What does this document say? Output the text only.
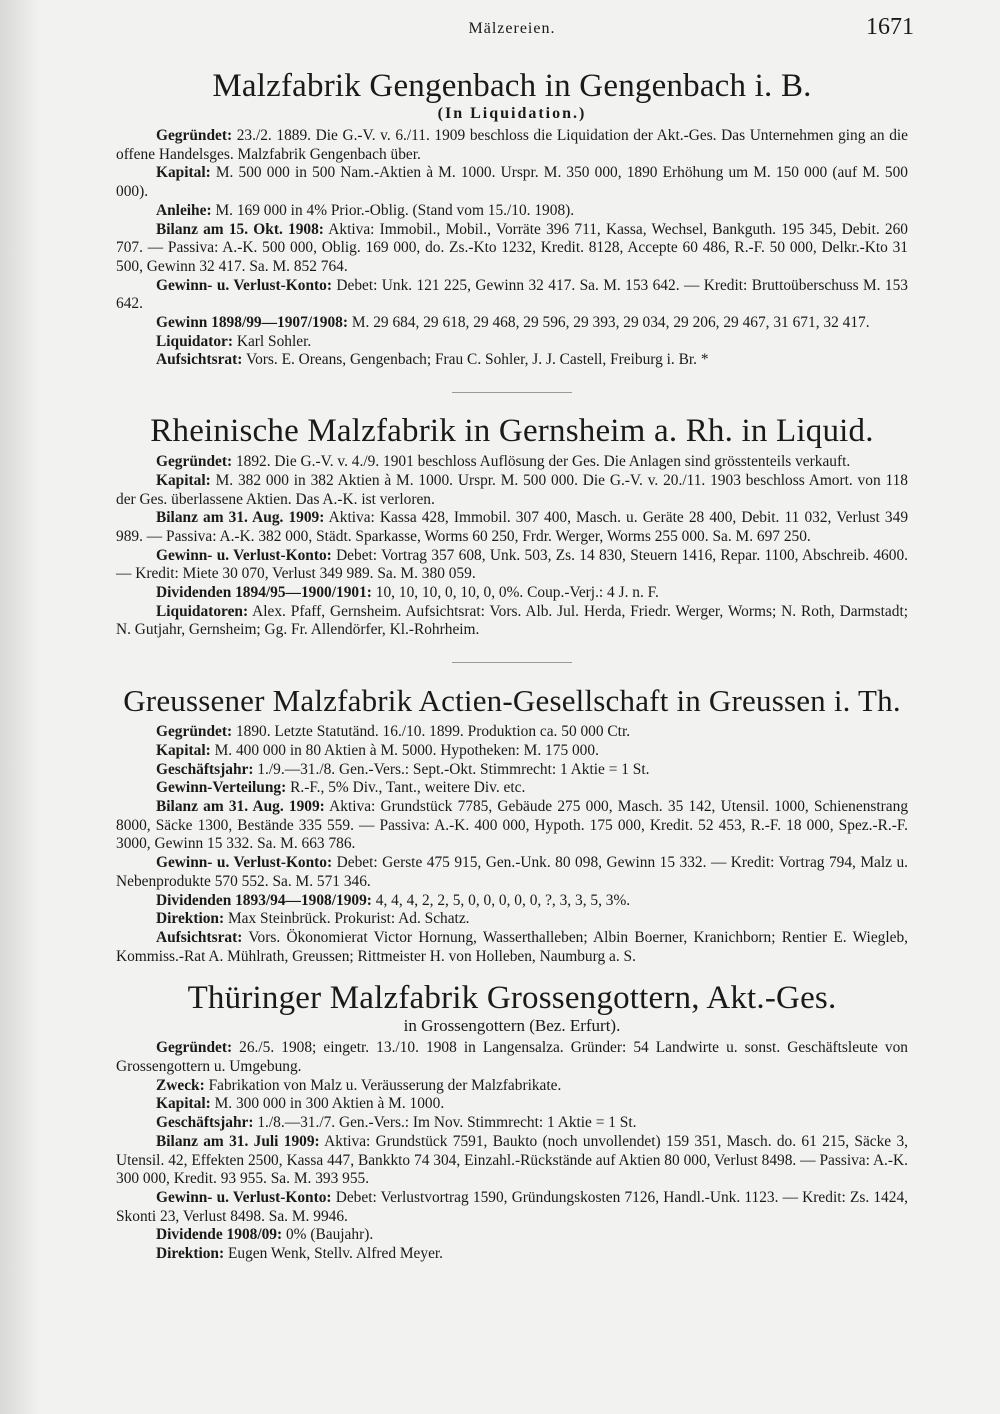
Mälzereien.	1671
Malzfabrik Gengenbach in Gengenbach i. B.
(In Liquidation.)

Gegründet: 23./2. 1889. Die G.-V. v. 6./11. 1909 beschloss die Liquidation der Akt.-Ges. Das Unternehmen ging an die offene Handelsges. Malzfabrik Gengenbach über.

Kapital: M. 500 000 in 500 Nam.-Aktien à M. 1000. Urspr. M. 350 000, 1890 Erhöhung um M. 150 000 (auf M. 500 000).

Anleihe: M. 169 000 in 4% Prior.-Oblig. (Stand vom 15./10. 1908).

Bilanz am 15. Okt. 1908: Aktiva: Immobil., Mobil., Vorräte 396 711, Kassa, Wechsel, Bankguth. 195 345, Debit. 260 707. — Passiva: A.-K. 500 000, Oblig. 169 000, do. Zs.-Kto 1232, Kredit. 8128, Accepte 60 486, R.-F. 50 000, Delkr.-Kto 31 500, Gewinn 32 417. Sa. M. 852 764.

Gewinn- u. Verlust-Konto: Debet: Unk. 121 225, Gewinn 32 417. Sa. M. 153 642. — Kredit: Bruttoüberschuss M. 153 642.

Gewinn 1898/99—1907/1908: M. 29 684, 29 618, 29 468, 29 596, 29 393, 29 034, 29 206, 29 467, 31 671, 32 417.

Liquidator: Karl Sohler.

Aufsichtsrat: Vors. E. Oreans, Gengenbach; Frau C. Sohler, J. J. Castell, Freiburg i. Br. *

Rheinische Malzfabrik in Gernsheim a. Rh. in Liquid.

Gegründet: 1892. Die G.-V. v. 4./9. 1901 beschloss Auflösung der Ges. Die Anlagen sind grösstenteils verkauft.

Kapital: M. 382 000 in 382 Aktien à M. 1000. Urspr. M. 500 000. Die G.-V. v. 20./11. 1903 beschloss Amort. von 118 der Ges. überlassene Aktien. Das A.-K. ist verloren.

Bilanz am 31. Aug. 1909: Aktiva: Kassa 428, Immobil. 307 400, Masch. u. Geräte 28 400, Debit. 11 032, Verlust 349 989. — Passiva: A.-K. 382 000, Städt. Sparkasse, Worms 60 250, Frdr. Werger, Worms 255 000. Sa. M. 697 250.

Gewinn- u. Verlust-Konto: Debet: Vortrag 357 608, Unk. 503, Zs. 14 830, Steuern 1416, Repar. 1100, Abschreib. 4600. — Kredit: Miete 30 070, Verlust 349 989. Sa. M. 380 059.

Dividenden 1894/95—1900/1901: 10, 10, 10, 0, 10, 0, 0%. Coup.-Verj.: 4 J. n. F.

Liquidatoren: Alex. Pfaff, Gernsheim. Aufsichtsrat: Vors. Alb. Jul. Herda, Friedr. Werger, Worms; N. Roth, Darmstadt; N. Gutjahr, Gernsheim; Gg. Fr. Allendörfer, Kl.-Rohrheim.

Greussener Malzfabrik Actien-Gesellschaft in Greussen i. Th.

Gegründet: 1890. Letzte Statutänd. 16./10. 1899. Produktion ca. 50 000 Ctr.

Kapital: M. 400 000 in 80 Aktien à M. 5000. Hypotheken: M. 175 000.

Geschäftsjahr: 1./9.—31./8. Gen.-Vers.: Sept.-Okt. Stimmrecht: 1 Aktie = 1 St.

Gewinn-Verteilung: R.-F., 5% Div., Tant., weitere Div. etc.

Bilanz am 31. Aug. 1909: Aktiva: Grundstück 7785, Gebäude 275 000, Masch. 35 142, Utensil. 1000, Schienenstrang 8000, Säcke 1300, Bestände 335 559. — Passiva: A.-K. 400 000, Hypoth. 175 000, Kredit. 52 453, R.-F. 18 000, Spez.-R.-F. 3000, Gewinn 15 332. Sa. M. 663 786.

Gewinn- u. Verlust-Konto: Debet: Gerste 475 915, Gen.-Unk. 80 098, Gewinn 15 332. — Kredit: Vortrag 794, Malz u. Nebenprodukte 570 552. Sa. M. 571 346.

Dividenden 1893/94—1908/1909: 4, 4, 4, 2, 2, 5, 0, 0, 0, 0, 0, ?, 3, 3, 5, 3%.

Direktion: Max Steinbrück. Prokurist: Ad. Schatz.

Aufsichtsrat: Vors. Ökonomierat Victor Hornung, Wasserthalleben; Albin Boerner, Kranichborn; Rentier E. Wiegleb, Kommiss.-Rat A. Mühlrath, Greussen; Rittmeister H. von Holleben, Naumburg a. S.

Thüringer Malzfabrik Grossengottern, Akt.-Ges.
in Grossengottern (Bez. Erfurt).

Gegründet: 26./5. 1908; eingetr. 13./10. 1908 in Langensalza. Gründer: 54 Landwirte u. sonst. Geschäftsleute von Grossengottern u. Umgebung.

Zweck: Fabrikation von Malz u. Veräusserung der Malzfabrikate.

Kapital: M. 300 000 in 300 Aktien à M. 1000.

Geschäftsjahr: 1./8.—31./7. Gen.-Vers.: Im Nov. Stimmrecht: 1 Aktie = 1 St.

Bilanz am 31. Juli 1909: Aktiva: Grundstück 7591, Baukto (noch unvollendet) 159 351, Masch. do. 61 215, Säcke 3, Utensil. 42, Effekten 2500, Kassa 447, Bankkto 74 304, Einzahl.-Rückstände auf Aktien 80 000, Verlust 8498. — Passiva: A.-K. 300 000, Kredit. 93 955. Sa. M. 393 955.

Gewinn- u. Verlust-Konto: Debet: Verlustvortrag 1590, Gründungskosten 7126, Handl.-Unk. 1123. — Kredit: Zs. 1424, Skonti 23, Verlust 8498. Sa. M. 9946.

Dividende 1908/09: 0% (Baujahr).

Direktion: Eugen Wenk, Stellv. Alfred Meyer.
